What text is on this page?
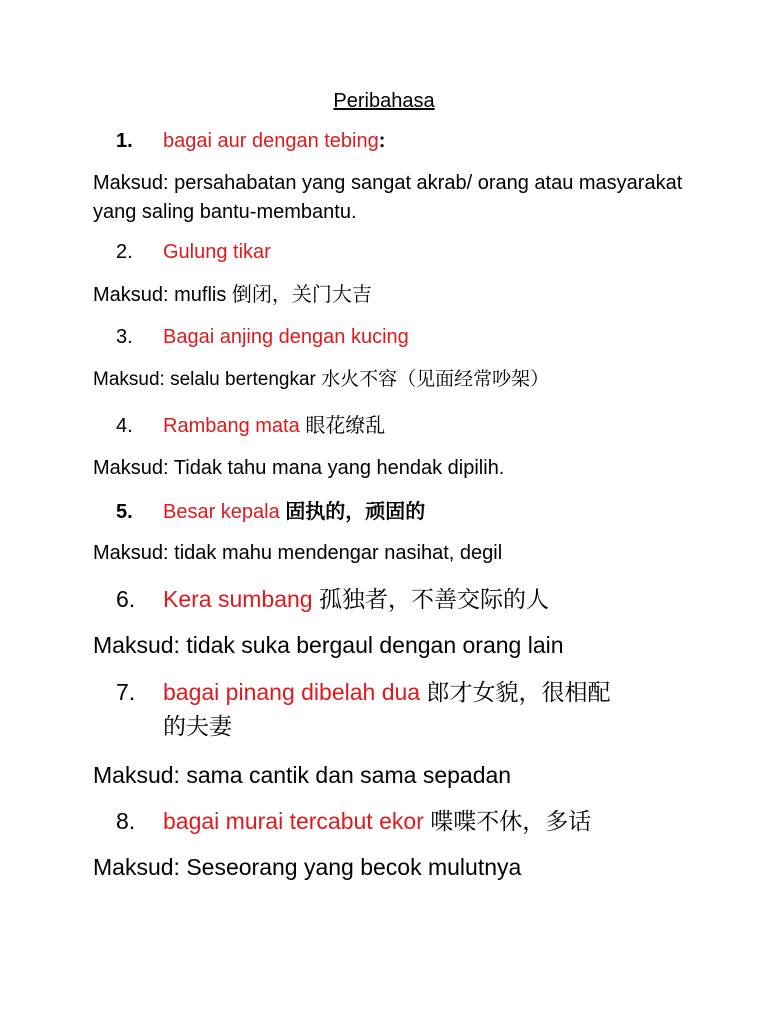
Peribahasa
1. bagai aur dengan tebing:
Maksud: persahabatan yang sangat akrab/ orang atau masyarakat yang saling bantu-membantu.
2. Gulung tikar
Maksud: muflis 倒闭，关门大吉
3. Bagai anjing dengan kucing
Maksud: selalu bertengkar 水火不容（见面经常吵架）
4. Rambang mata 眼花缭乱
Maksud: Tidak tahu mana yang hendak dipilih.
5. Besar kepala 固执的，顽固的
Maksud: tidak mahu mendengar nasihat, degil
6. Kera sumbang 孤独者，不善交际的人
Maksud: tidak suka bergaul dengan orang lain
7. bagai pinang dibelah dua 郎才女貌，很相配
的夫妻
Maksud: sama cantik dan sama sepadan
8. bagai murai tercabut ekor 喋喋不休，多话
Maksud: Seseorang yang becok mulutnya
